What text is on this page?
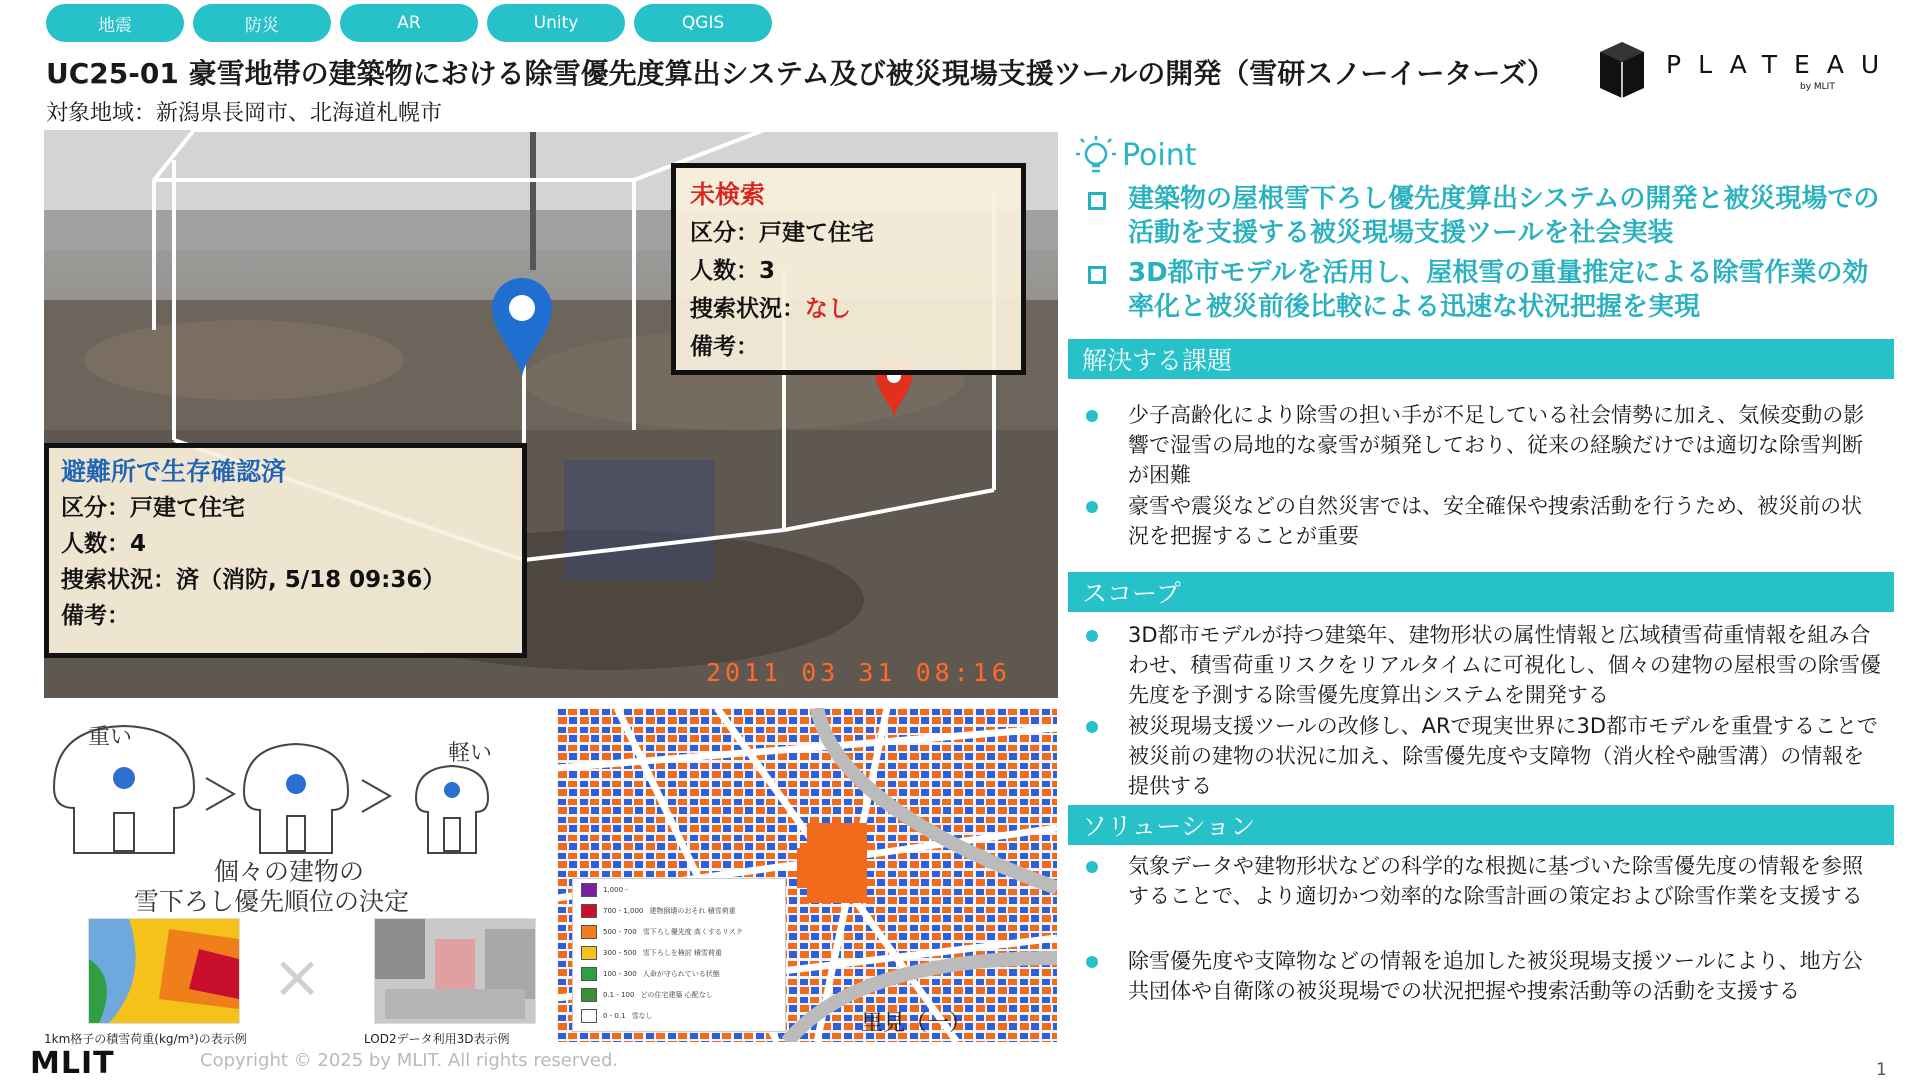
地震	防災	AR	Unity	QGIS
UC25-01 豪雪地帯の建築物における除雪優先度算出システム及び被災現場支援ツールの開発（雪研スノーイーターズ）
対象地域：新潟県長岡市、北海道札幌市
PLATEAU
by MLIT
未検索
区分：戸建て住宅
人数：3
捜索状況：なし
備考：
避難所で生存確認済
区分：戸建て住宅
人数：4
捜索状況：済（消防, 5/18 09:36）
備考：
2011 03 31 08:16
重い
軽い
個々の建物の
雪下ろし優先順位の決定
×
1km格子の積雪荷重(kg/m³)の表示例	LOD2データ利用3D表示例
1,000 -
700 - 1,000 建物倒壊のおそれ 積雪荷重
500 - 700 雪下ろし優先度 高くするリスク
300 - 500 雪下ろしを検討 積雪荷重
100 - 300 人命が守られている状態
0.1 - 100 どの住宅建築 心配なし
0 - 0.1 雪なし	里見（一）
Point
建築物の屋根雪下ろし優先度算出システムの開発と被災現場での活動を支援する被災現場支援ツールを社会実装
3D都市モデルを活用し、屋根雪の重量推定による除雪作業の効率化と被災前後比較による迅速な状況把握を実現
解決する課題
少子高齢化により除雪の担い手が不足している社会情勢に加え、気候変動の影響で湿雪の局地的な豪雪が頻発しており、従来の経験だけでは適切な除雪判断が困難
豪雪や震災などの自然災害では、安全確保や捜索活動を行うため、被災前の状況を把握することが重要
スコープ
3D都市モデルが持つ建築年、建物形状の属性情報と広域積雪荷重情報を組み合わせ、積雪荷重リスクをリアルタイムに可視化し、個々の建物の屋根雪の除雪優先度を予測する除雪優先度算出システムを開発する
被災現場支援ツールの改修し、ARで現実世界に3D都市モデルを重畳することで被災前の建物の状況に加え、除雪優先度や支障物（消火栓や融雪溝）の情報を提供する
ソリューション
気象データや建物形状などの科学的な根拠に基づいた除雪優先度の情報を参照することで、より適切かつ効率的な除雪計画の策定および除雪作業を支援する
除雪優先度や支障物などの情報を追加した被災現場支援ツールにより、地方公共団体や自衛隊の被災現場での状況把握や捜索活動等の活動を支援する
MLIT	Copyright © 2025 by MLIT. All rights reserved.	1
